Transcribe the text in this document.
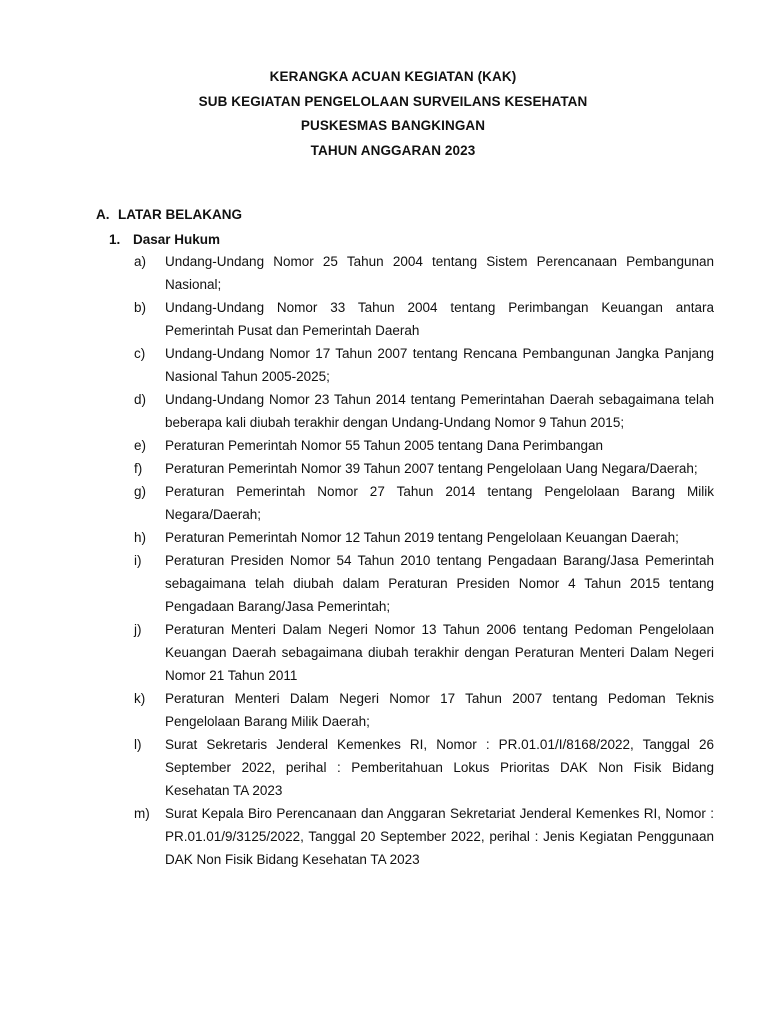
KERANGKA ACUAN KEGIATAN (KAK)
SUB KEGIATAN PENGELOLAAN SURVEILANS KESEHATAN
PUSKESMAS BANGKINGAN
TAHUN ANGGARAN 2023
A. LATAR BELAKANG
1. Dasar Hukum
a)	Undang-Undang Nomor 25 Tahun 2004 tentang Sistem Perencanaan Pembangunan Nasional;
b)	Undang-Undang Nomor 33 Tahun 2004 tentang Perimbangan Keuangan antara Pemerintah Pusat dan Pemerintah Daerah
c)	Undang-Undang Nomor 17 Tahun 2007 tentang Rencana Pembangunan Jangka Panjang Nasional Tahun 2005-2025;
d)	Undang-Undang Nomor 23 Tahun 2014 tentang Pemerintahan Daerah sebagaimana telah beberapa kali diubah terakhir dengan Undang-Undang Nomor 9 Tahun 2015;
e)	Peraturan Pemerintah Nomor 55 Tahun 2005 tentang Dana Perimbangan
f)	Peraturan Pemerintah Nomor 39 Tahun 2007 tentang Pengelolaan Uang Negara/Daerah;
g)	Peraturan Pemerintah Nomor 27 Tahun 2014 tentang Pengelolaan Barang Milik Negara/Daerah;
h)	Peraturan Pemerintah Nomor 12 Tahun 2019 tentang Pengelolaan Keuangan Daerah;
i)	Peraturan Presiden Nomor 54 Tahun 2010 tentang Pengadaan Barang/Jasa Pemerintah sebagaimana telah diubah dalam Peraturan Presiden Nomor 4 Tahun 2015 tentang Pengadaan Barang/Jasa Pemerintah;
j)	Peraturan Menteri Dalam Negeri Nomor 13 Tahun 2006 tentang Pedoman Pengelolaan Keuangan Daerah sebagaimana diubah terakhir dengan Peraturan Menteri Dalam Negeri Nomor 21 Tahun 2011
k)	Peraturan Menteri Dalam Negeri Nomor 17 Tahun 2007 tentang Pedoman Teknis Pengelolaan Barang Milik Daerah;
l)	Surat Sekretaris Jenderal Kemenkes RI, Nomor : PR.01.01/I/8168/2022, Tanggal 26 September 2022, perihal : Pemberitahuan Lokus Prioritas DAK Non Fisik Bidang Kesehatan TA 2023
m)	Surat Kepala Biro Perencanaan dan Anggaran Sekretariat Jenderal Kemenkes RI, Nomor : PR.01.01/9/3125/2022, Tanggal 20 September 2022, perihal : Jenis Kegiatan Penggunaan DAK Non Fisik Bidang Kesehatan TA 2023
